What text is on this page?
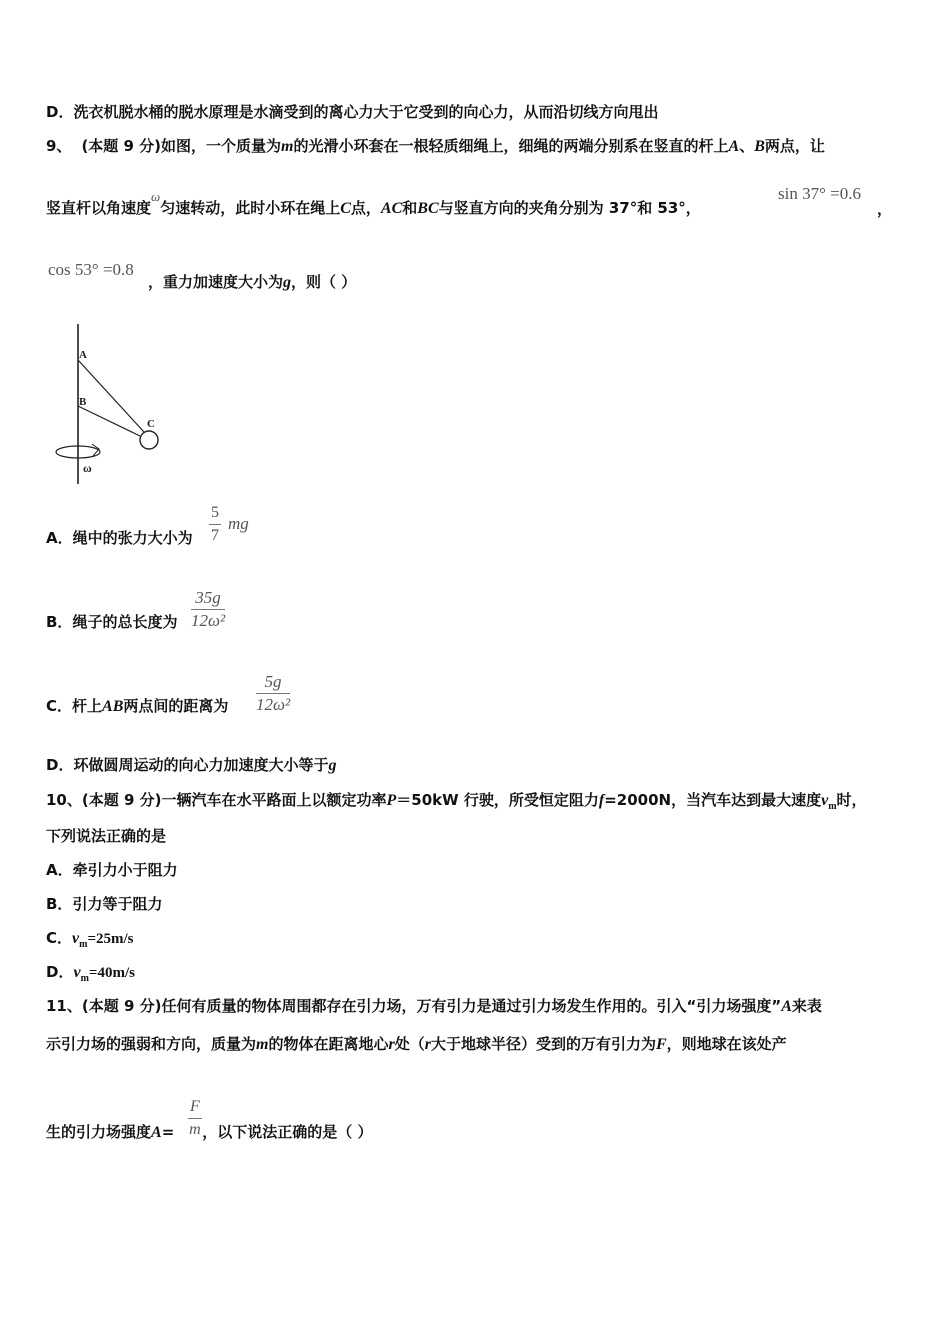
D．洗衣机脱水桶的脱水原理是水滴受到的离心力大于它受到的向心力，从而沿切线方向甩出
9、 (本题 9 分)如图，一个质量为m的光滑小环套在一根轻质细绳上，细绳的两端分别系在竖直的杆上A、B两点，让
竖直杆以角速度ω匀速转动，此时小环在绳上C点，AC和BC与竖直方向的夹角分别为 37°和 53°，
sin 37° =0.6
，
cos 53° =0.8
，重力加速度大小为g，则（ ）
A
B
C
ω
A．绳中的张力大小为 $\frac{5}{7}$ mg
B．绳子的总长度为 $\frac{35g}{\text{12ω²}}$
C．杆上AB两点间的距离为 $\frac{5g}{\text{12ω²}}$
D．环做圆周运动的向心力加速度大小等于g
10、(本题 9 分)一辆汽车在水平路面上以额定功率P＝50kW 行驶，所受恒定阻力f=2000N，当汽车达到最大速度$v_m$时，
下列说法正确的是
A．牵引力小于阻力
B．引力等于阻力
C．$v_m=25m/s$
D．$v_m=40m/s$
11、(本题 9 分)任何有质量的物体周围都存在引力场，万有引力是通过引力场发生作用的。引入“引力场强度”A来表
示引力场的强弱和方向，质量为m的物体在距离地心r处（r大于地球半径）受到的万有引力为F，则地球在该处产
生的引力场强度A= ，以下说法正确的是（ ）
$\frac{F}{m}$
